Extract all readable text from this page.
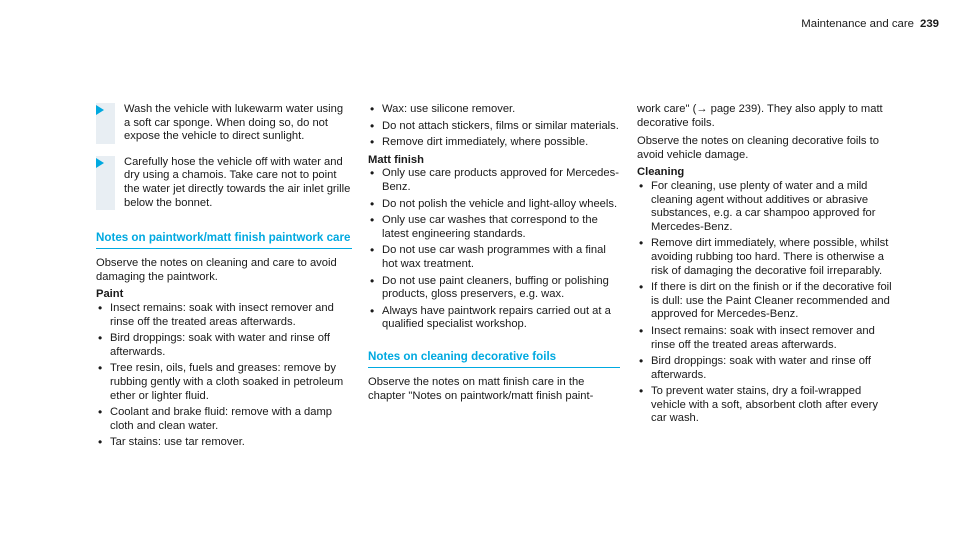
Maintenance and care 239

Wash the vehicle with lukewarm water using a soft car sponge. When doing so, do not expose the vehicle to direct sunlight.

Carefully hose the vehicle off with water and dry using a chamois. Take care not to point the water jet directly towards the air inlet grille below the bonnet.

Notes on paintwork/matt finish paintwork care

Observe the notes on cleaning and care to avoid damaging the paintwork.

Paint

• Insect remains: soak with insect remover and rinse off the treated areas afterwards.
• Bird droppings: soak with water and rinse off afterwards.
• Tree resin, oils, fuels and greases: remove by rubbing gently with a cloth soaked in petroleum ether or lighter fluid.
• Coolant and brake fluid: remove with a damp cloth and clean water.
• Tar stains: use tar remover.
• Wax: use silicone remover.
• Do not attach stickers, films or similar materials.
• Remove dirt immediately, where possible.

Matt finish

• Only use care products approved for Mercedes-Benz.
• Do not polish the vehicle and light-alloy wheels.
• Only use car washes that correspond to the latest engineering standards.
• Do not use car wash programmes with a final hot wax treatment.
• Do not use paint cleaners, buffing or polishing products, gloss preservers, e.g. wax.
• Always have paintwork repairs carried out at a qualified specialist workshop.
Notes on cleaning decorative foils

Observe the notes on matt finish care in the chapter "Notes on paintwork/matt finish paint-

work care" (→ page 239). They also apply to matt decorative foils.

Observe the notes on cleaning decorative foils to avoid vehicle damage.

Cleaning

• For cleaning, use plenty of water and a mild cleaning agent without additives or abrasive substances, e.g. a car shampoo approved for Mercedes-Benz.
• Remove dirt immediately, where possible, whilst avoiding rubbing too hard. There is otherwise a risk of damaging the decorative foil irreparably.
• If there is dirt on the finish or if the decorative foil is dull: use the Paint Cleaner recommended and approved for Mercedes-Benz.
• Insect remains: soak with insect remover and rinse off the treated areas afterwards.
• Bird droppings: soak with water and rinse off afterwards.
• To prevent water stains, dry a foil-wrapped vehicle with a soft, absorbent cloth after every car wash.
